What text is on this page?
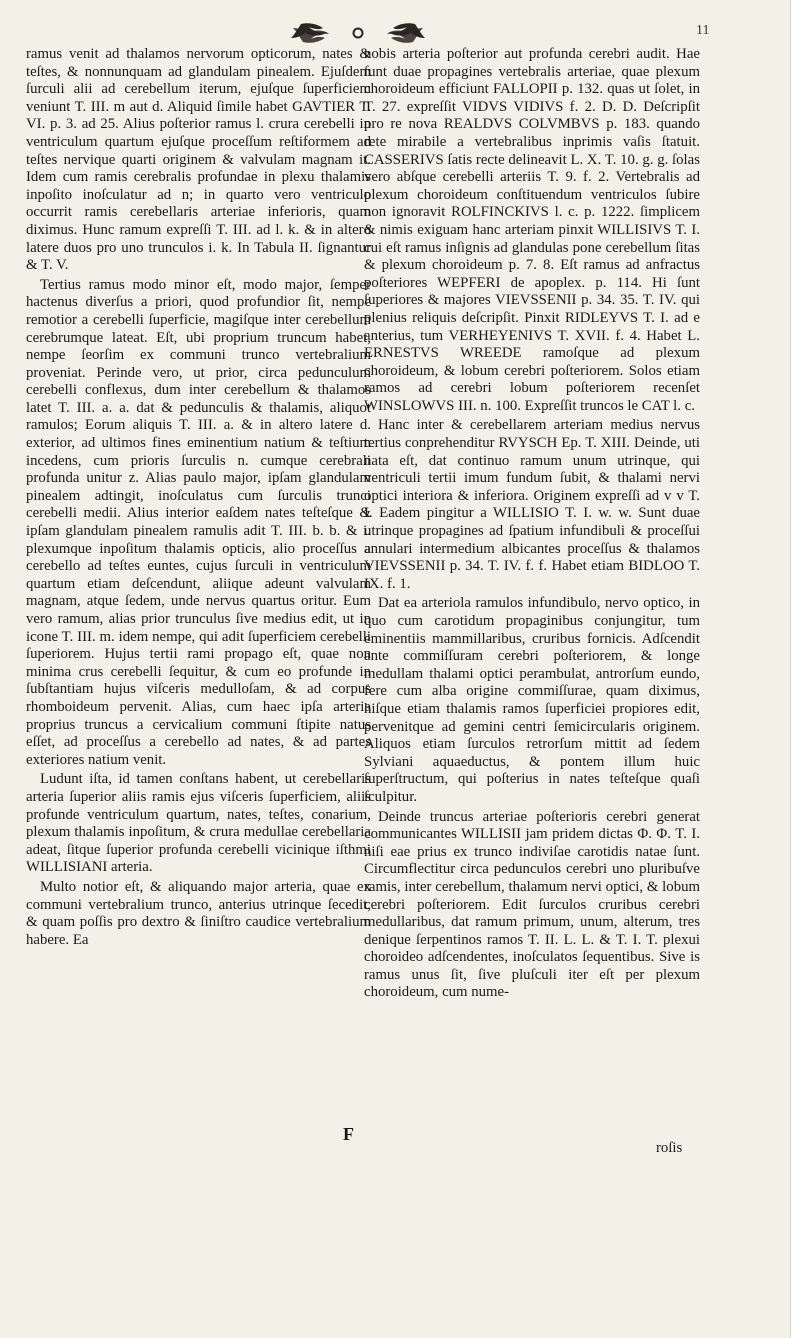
11

ramus venit ad thalamos nervorum opticorum, nates & teſtes, & nonnunquam ad glandulam pinealem. Ejuſdem ſurculi alii ad cerebellum iterum, ejuſque ſuperficiem veniunt T. III. m aut d. Aliquid ſimile habet GAVTIER T. VI. p. 3. ad 25. Alius poſterior ramus l. crura cerebelli in ventriculum quartum ejuſque proceſſum reſtiformem ad teſtes nervique quarti originem & valvulam magnam it. Idem cum ramis cerebralis profundae in plexu thalamis inpoſito inoſculatur ad n; in quarto vero ventriculo occurrit ramis cerebellaris arteriae inferioris, quam diximus. Hunc ramum expreſſi T. III. ad l. k. & in altero latere duos pro uno trunculos i. k. In Tabula II. ſignantur & T. V.

Tertius ramus modo minor eſt, modo major, ſemper hactenus diverſus a priori, quod profundior ſit, nempe remotior a cerebelli ſuperficie, magiſque inter cerebellum cerebrumque lateat. Eſt, ubi proprium truncum habet, nempe ſeorſim ex communi trunco vertebralium proveniat. Perinde vero, ut prior, circa pedunculum cerebelli conflexus, dum inter cerebellum & thalamos latet T. III. a. a. dat & pedunculis & thalamis, aliquot ramulos; Eorum aliquis T. III. a. & in altero latere d. exterior, ad ultimos fines eminentium natium & teſtium incedens, cum prioris ſurculis n. cumque cerebrali profunda unitur z. Alias paulo major, ipſam glandulam pinealem adtingit, inoſculatus cum ſurculis trunci cerebelli medii. Alius interior eaſdem nates teſteſque & ipſam glandulam pinealem ramulis adit T. III. b. b. & i. plexumque inpoſitum thalamis opticis, alio proceſſus a cerebello ad teſtes euntes, cujus ſurculi in ventriculum quartum etiam deſcendunt, aliique adeunt valvulam magnam, atque ſedem, unde nervus quartus oritur. Eum vero ramum, alias prior trunculus ſive medius edit, ut in icone T. III. m. idem nempe, qui adit ſuperficiem cerebelli ſuperiorem. Hujus tertii rami propago eſt, quae non minima crus cerebelli ſequitur, & cum eo profunde in ſubſtantiam hujus viſceris medulloſam, & ad corpus rhomboideum pervenit. Alias, cum haec ipſa arteria proprius truncus a cervicalium communi ſtipite natus eſſet, ad proceſſus a cerebello ad nates, & ad partes exteriores natium venit.

Ludunt iſta, id tamen conſtans habent, ut cerebellaris arteria ſuperior aliis ramis ejus viſceris ſuperficiem, aliis profunde ventriculum quartum, nates, teſtes, conarium, plexum thalamis inpoſitum, & crura medullae cerebellaria adeat, ſitque ſuperior profunda cerebelli vicinique iſthmi WILLISIANI arteria.

Multo notior eſt, & aliquando major arteria, quae ex communi vertebralium trunco, anterius utrinque ſecedit, & quam poſſis pro dextro & ſiniſtro caudice vertebralium habere. Ea

nobis arteria poſterior aut profunda cerebri audit. Hae ſunt duae propagines vertebralis arteriae, quae plexum choroideum efficiunt FALLOPII p. 132. quas ut ſolet, in T. 27. expreſſit VIDVS VIDIVS f. 2. D. D. Deſcripſit pro re nova REALDVS COLVMBVS p. 183. quando rete mirabile a vertebralibus inprimis vaſis ſtatuit. CASSERIVS ſatis recte delineavit L. X. T. 10. g. g. ſolas vero abſque cerebelli arteriis T. 9. f. 2. Vertebralis ad plexum choroideum conſtituendum ventriculos ſubire non ignoravit ROLFINCKIVS l. c. p. 1222. ſimplicem & nimis exiguam hanc arteriam pinxit WILLISIVS T. I. cui eſt ramus inſignis ad glandulas pone cerebellum ſitas & plexum choroideum p. 7. 8. Eſt ramus ad anfractus poſteriores WEPFERI de apoplex. p. 114. Hi ſunt ſuperiores & majores VIEVSSENII p. 34. 35. T. IV. qui plenius reliquis deſcripſit. Pinxit RIDLEYVS T. I. ad e anterius, tum VERHEYENIVS T. XVII. f. 4. Habet L. ERNESTVS WREEDE ramoſque ad plexum choroideum, & lobum cerebri poſteriorem. Solos etiam ramos ad cerebri lobum poſteriorem recenſet WINSLOWVS III. n. 100. Expreſſit truncos le CAT l. c.

Hanc inter & cerebellarem arteriam medius nervus tertius conprehenditur RVYSCH Ep. T. XIII. Deinde, uti nata eſt, dat continuo ramum unum utrinque, qui ventriculi tertii imum fundum ſubit, & thalami nervi optici interiora & inferiora. Originem expreſſi ad v v T. I. Eadem pingitur a WILLISIO T. I. w. w. Sunt duae utrinque propagines ad ſpatium infundibuli & proceſſui annulari intermedium albicantes proceſſus & thalamos VIEVSSENII p. 34. T. IV. f. f. Habet etiam BIDLOO T. IX. f. 1.

Dat ea arteriola ramulos infundibulo, nervo optico, in quo cum carotidum propaginibus conjungitur, tum eminentiis mammillaribus, cruribus fornicis. Adſcendit ante commiſſuram cerebri poſteriorem, & longe medullam thalami optici perambulat, antrorſum eundo, fere cum alba origine commiſſurae, quam diximus, hiſque etiam thalamis ramos ſuperficiei propiores edit, pervenitque ad gemini centri ſemicircularis originem. Aliquos etiam ſurculos retrorſum mittit ad ſedem Sylviani aquaeductus, & pontem illum huic ſuperſtructum, qui poſterius in nates teſteſque quaſi ſculpitur.

Deinde truncus arteriae poſterioris cerebri generat communicantes WILLISII jam pridem dictas Φ. Φ. T. I. niſi eae prius ex trunco indiviſae carotidis natae ſunt. Circumflectitur circa pedunculos cerebri uno pluribuſve ramis, inter cerebellum, thalamum nervi optici, & lobum cerebri poſteriorem. Edit ſurculos cruribus cerebri medullaribus, dat ramum primum, unum, alterum, tres denique ſerpentinos ramos T. II. L. L. & T. I. T. plexui choroideo adſcendentes, inoſculatos ſequentibus. Sive is ramus unus ſit, ſive pluſculi iter eſt per plexum choroideum, cum nume-

F
roſis
